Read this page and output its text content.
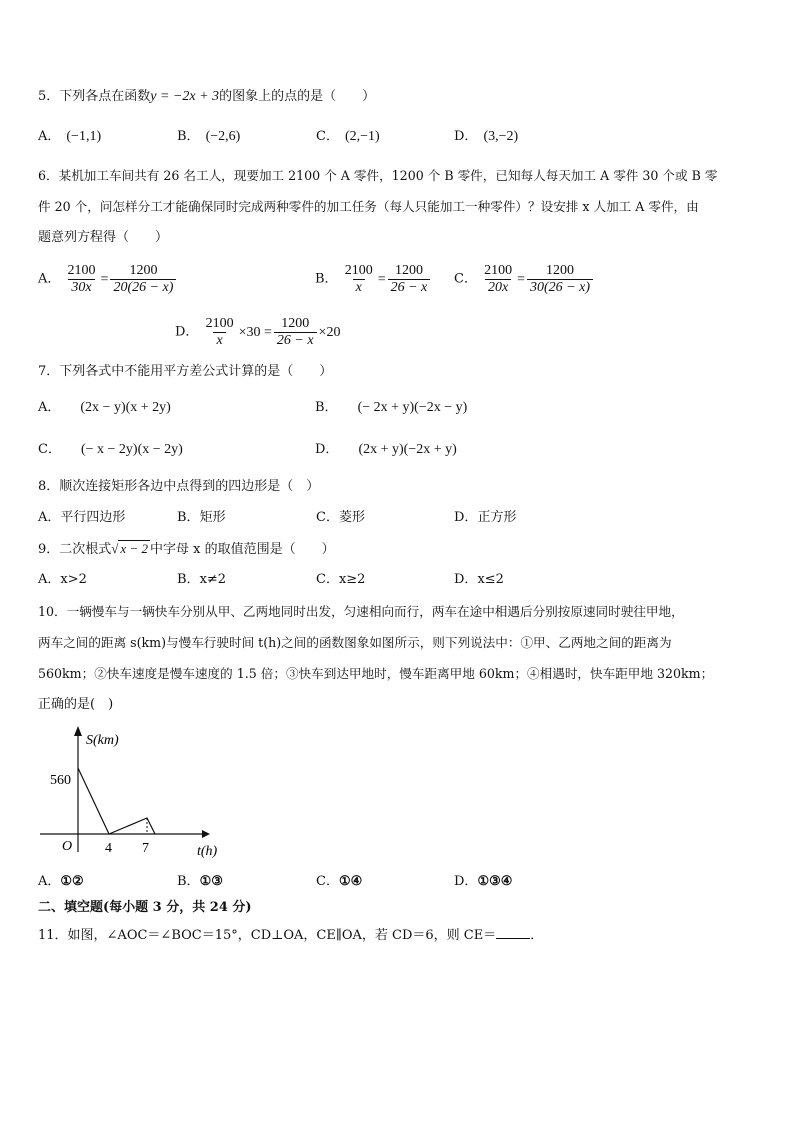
5．下列各点在函数y = −2x + 3的图象上的点的是（　　）
A． (−1,1)	B． (−2,6)	C． (2,−1)	D． (3,−2)
6．某机加工车间共有 26 名工人，现要加工 2100 个 A 零件，1200 个 B 零件，已知每人每天加工 A 零件 30 个或 B 零
件 20 个，问怎样分工才能确保同时完成两种零件的加工任务（每人只能加工一种零件）？设安排 x 人加工 A 零件，由
题意列方程得（　　）
A． $\frac{2100}{30x} = \frac{1200}{20(26 - x)}$	B． $\frac{2100}{x} = \frac{1200}{26 - x}$ C． $\frac{2100}{20x} = \frac{1200}{30(26 - x)}$
D． $\frac{2100}{x} \times 30 = \frac{1200}{26 - x} \times 20$
7．下列各式中不能用平方差公式计算的是（　　）
A． (2x − y)(x + 2y)	B． (− 2x + y)(−2x − y)
C． (− x − 2y)(x − 2y)	D． (2x + y)(−2x + y)
8．顺次连接矩形各边中点得到的四边形是（　）
A．平行四边形	B．矩形	C．菱形	D．正方形
9．二次根式√ x − 2 中字母 x 的取值范围是（　　）
A．x>2	B．x≠2	C．x≥2	D．x≤2
10．一辆慢车与一辆快车分别从甲、乙两地同时出发，匀速相向而行，两车在途中相遇后分别按原速同时驶往甲地，
两车之间的距离 s(km)与慢车行驶时间 t(h)之间的函数图象如图所示，则下列说法中：①甲、乙两地之间的距离为
560km；②快车速度是慢车速度的 1.5 倍；③快车到达甲地时，慢车距离甲地 60km；④相遇时，快车距甲地 320km；
正确的是(　)
S(km)
560
O 4 7	t(h)
A．①②	B．①③	C．①④	D．①③④
二、填空题(每小题 3 分，共 24 分)
11．如图，∠AOC＝∠BOC＝15°，CD⊥OA，CE∥OA，若 CD＝6，则 CE＝	．
